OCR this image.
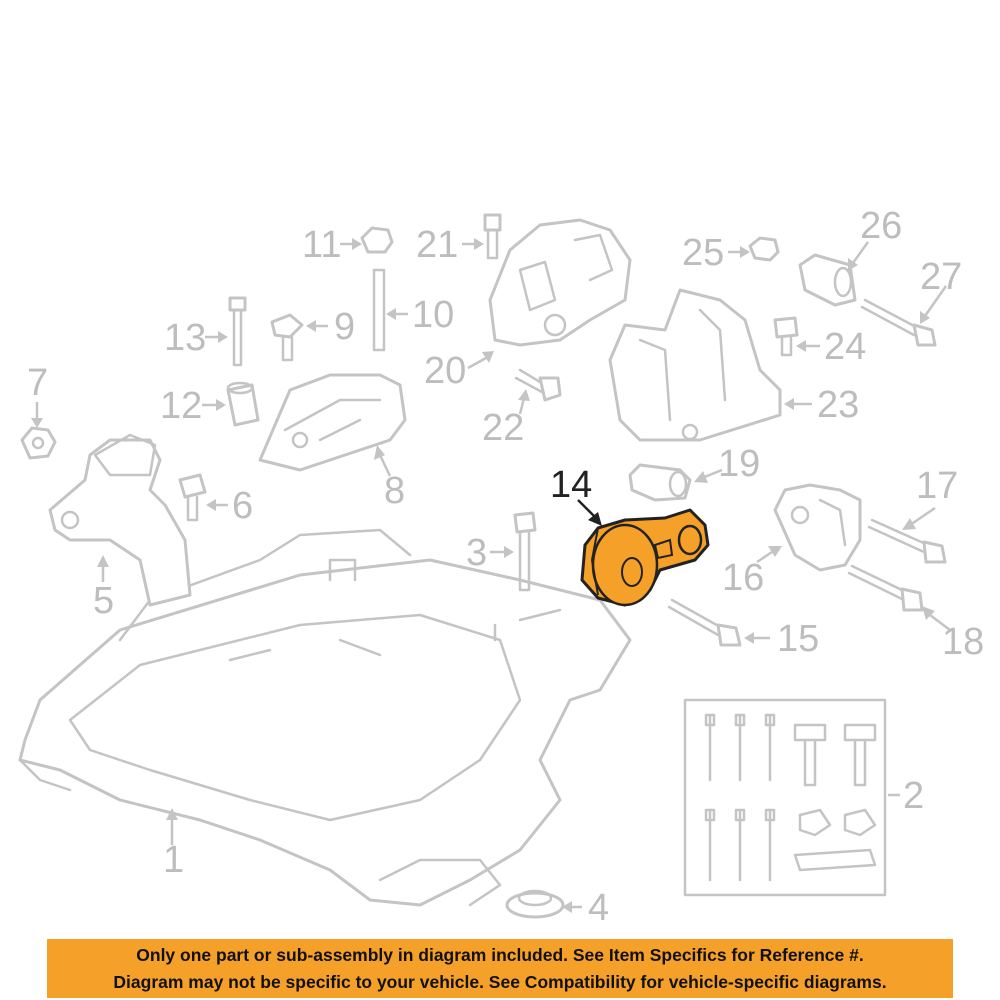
1
2
3
4
5
6
7
8
9 10
11
12
13
14
15
16
17
18
19
20
21
22
23
24
25
26
27
Only one part or sub-assembly in diagram included. See Item Specifics for Reference #.
Diagram may not be specific to your vehicle. See Compatibility for vehicle-specific diagrams.
